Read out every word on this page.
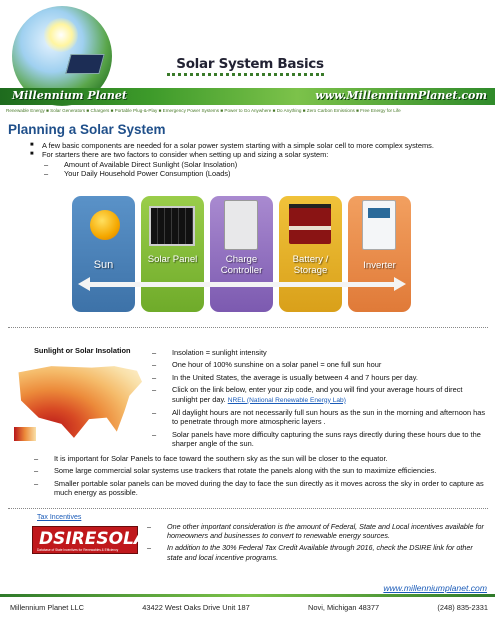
Solar System Basics
Millennium Planet	www.MillenniumPlanet.com
Renewable Energy ■ Solar Generators ■ Chargers ■ Portable Plug-&-Play ■ Emergency Power Systems ■ Power to Go Anywhere ■ Do Anything ■ Zero Carbon Emissions ■ Free Energy for Life
Planning a Solar System
■ A few basic components are needed for a solar power system starting with a simple solar cell to more complex systems.
■ For starters there are two factors to consider when setting up and sizing a solar system:
– Amount of Available Direct Sunlight (Solar Insolation)
– Your Daily Household Power Consumption (Loads)
Sun	Solar Panel	Charge Controller
Battery / Storage	Inverter
Sunlight or Solar Insolation
–	Insolation = sunlight intensity
– One hour of 100% sunshine on a solar panel = one full sun hour
– In the United States, the average is usually between 4 and 7 hours per day.
– Click on the link below, enter your zip code, and you will find your average hours of direct sunlight per day. NREL (National Renewable Energy Lab)
– All daylight hours are not necessarily full sun hours as the sun in the morning and afternoon has to penetrate through more atmospheric layers .
– Solar panels have more difficulty capturing the suns rays directly during these hours due to the sharper angle of the sun.
– It is important for Solar Panels to face toward the southern sky as the sun will be closer to the equator.
– Some large commercial solar systems use trackers that rotate the panels along with the sun to maximize efficiencies.
– Smaller portable solar panels can be moved during the day to face the sun directly as it moves across the sky in order to capture as much energy as possible.
Tax Incentives
DSIRESOLAR
Database of State Incentives for Renewables & Efficiency
– One other important consideration is the amount of Federal, State and Local incentives available for homeowners and businesses to convert to renewable energy sources.
– In addition to the 30% Federal Tax Credit Available through 2016, check the DSIRE link for other state and local incentive programs.
www.millenniumplanet.com
Millennium Planet LLC	43422 West Oaks Drive Unit 187	Novi, Michigan 48377	(248) 835-2331
